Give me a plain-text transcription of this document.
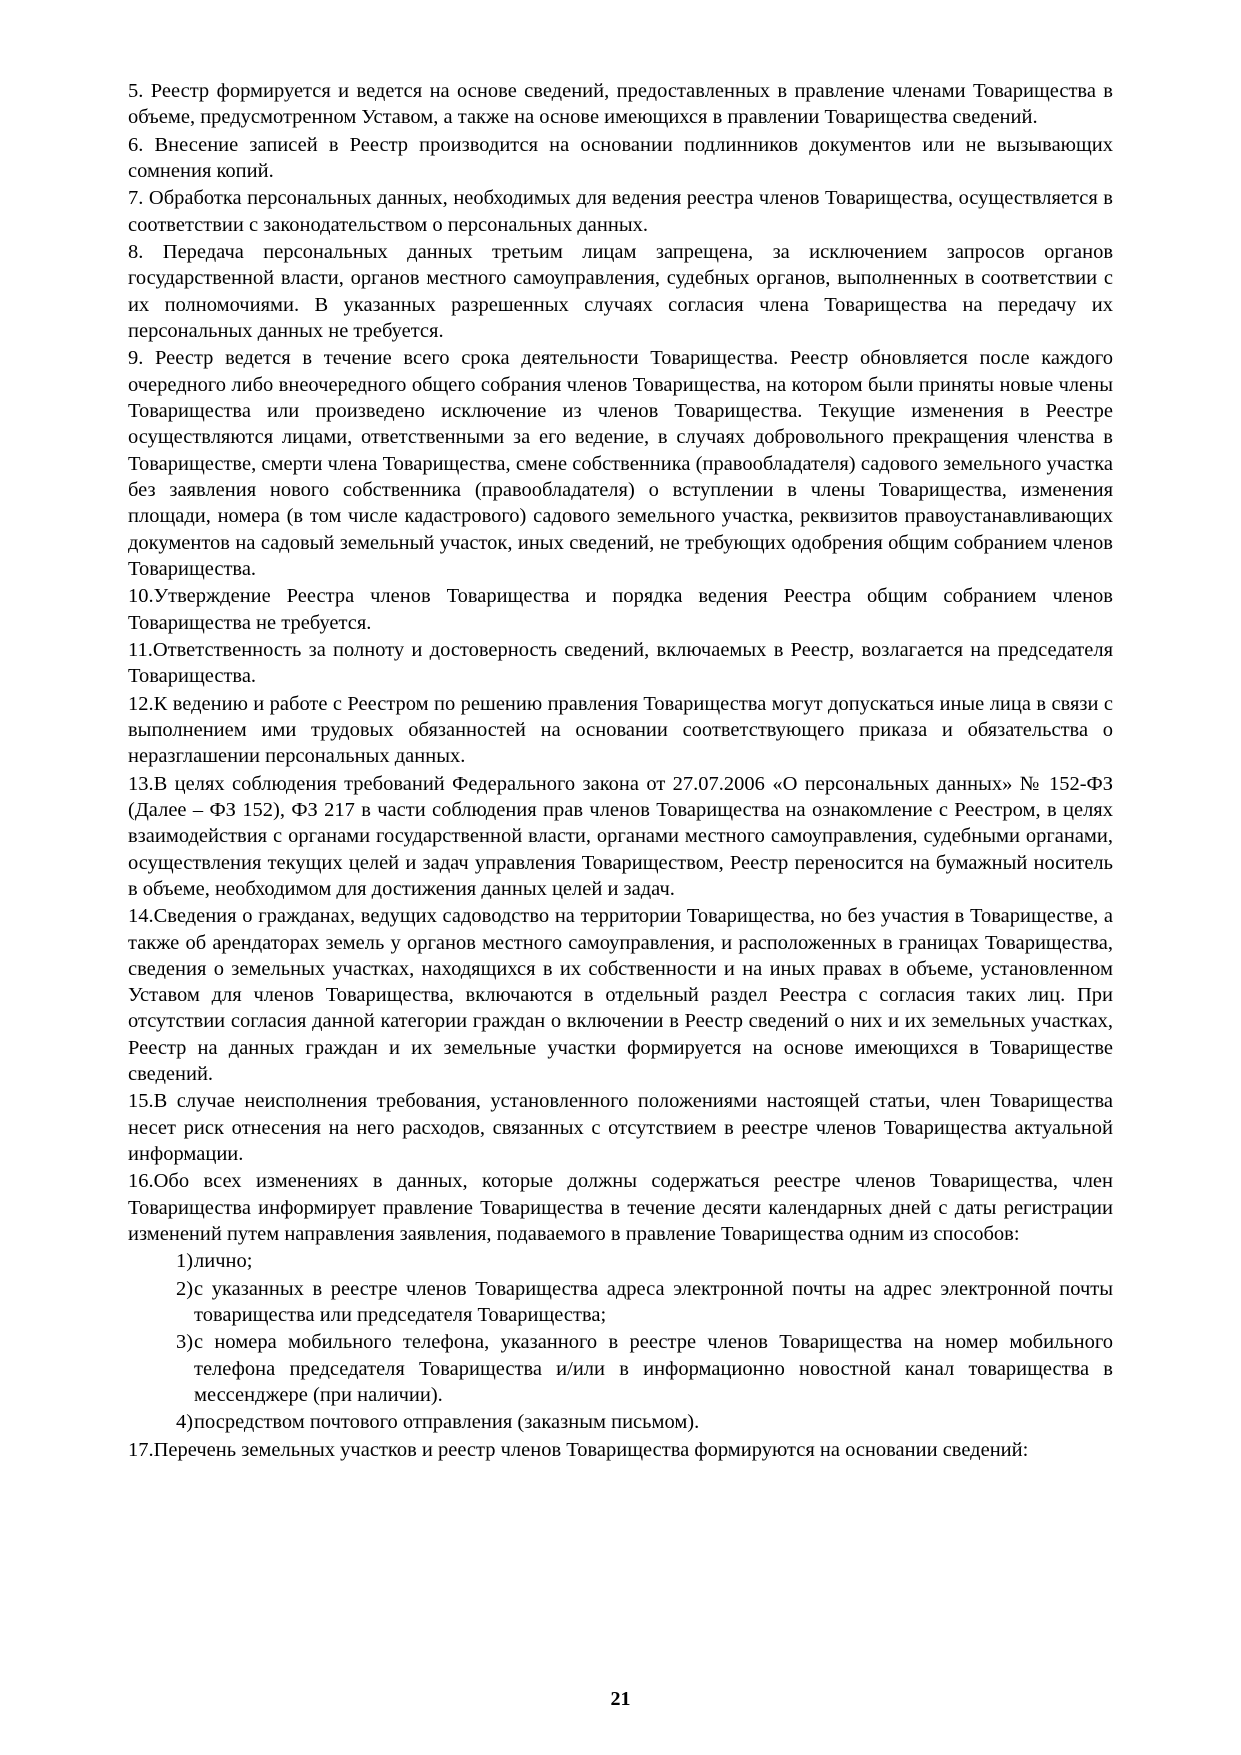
5. Реестр формируется и ведется на основе сведений, предоставленных в правление членами Товарищества в объеме, предусмотренном Уставом, а также на основе имеющихся в правлении Товарищества сведений.

6. Внесение записей в Реестр производится на основании подлинников документов или не вызывающих сомнения копий.

7. Обработка персональных данных, необходимых для ведения реестра членов Товарищества, осуществляется в соответствии с законодательством о персональных данных.

8. Передача персональных данных третьим лицам запрещена, за исключением запросов органов государственной власти, органов местного самоуправления, судебных органов, выполненных в соответствии с их полномочиями. В указанных разрешенных случаях согласия члена Товарищества на передачу их персональных данных не требуется.

9. Реестр ведется в течение всего срока деятельности Товарищества. Реестр обновляется после каждого очередного либо внеочередного общего собрания членов Товарищества, на котором были приняты новые члены Товарищества или произведено исключение из членов Товарищества. Текущие изменения в Реестре осуществляются лицами, ответственными за его ведение, в случаях добровольного прекращения членства в Товариществе, смерти члена Товарищества, смене собственника (правообладателя) садового земельного участка без заявления нового собственника (правообладателя) о вступлении в члены Товарищества, изменения площади, номера (в том числе кадастрового) садового земельного участка, реквизитов правоустанавливающих документов на садовый земельный участок, иных сведений, не требующих одобрения общим собранием членов Товарищества.

10.Утверждение Реестра членов Товарищества и порядка ведения Реестра общим собранием членов Товарищества не требуется.

11.Ответственность за полноту и достоверность сведений, включаемых в Реестр, возлагается на председателя Товарищества.

12.К ведению и работе с Реестром по решению правления Товарищества могут допускаться иные лица в связи с выполнением ими трудовых обязанностей на основании соответствующего приказа и обязательства о неразглашении персональных данных.

13.В целях соблюдения требований Федерального закона от 27.07.2006 «О персональных данных» № 152-ФЗ (Далее – ФЗ 152), ФЗ 217 в части соблюдения прав членов Товарищества на ознакомление с Реестром, в целях взаимодействия с органами государственной власти, органами местного самоуправления, судебными органами, осуществления текущих целей и задач управления Товариществом, Реестр переносится на бумажный носитель в объеме, необходимом для достижения данных целей и задач.

14.Сведения о гражданах, ведущих садоводство на территории Товарищества, но без участия в Товариществе, а также об арендаторах земель у органов местного самоуправления, и расположенных в границах Товарищества, сведения о земельных участках, находящихся в их собственности и на иных правах в объеме, установленном Уставом для членов Товарищества, включаются в отдельный раздел Реестра с согласия таких лиц. При отсутствии согласия данной категории граждан о включении в Реестр сведений о них и их земельных участках, Реестр на данных граждан и их земельные участки формируется на основе имеющихся в Товариществе сведений.

15.В случае неисполнения требования, установленного положениями настоящей статьи, член Товарищества несет риск отнесения на него расходов, связанных с отсутствием в реестре членов Товарищества актуальной информации.

16.Обо всех изменениях в данных, которые должны содержаться реестре членов Товарищества, член Товарищества информирует правление Товарищества в течение десяти календарных дней с даты регистрации изменений путем направления заявления, подаваемого в правление Товарищества одним из способов:

1) лично;
2) с указанных в реестре членов Товарищества адреса электронной почты на адрес электронной почты товарищества или председателя Товарищества;
3) с номера мобильного телефона, указанного в реестре членов Товарищества на номер мобильного телефона председателя Товарищества и/или в информационно новостной канал товарищества в мессенджере (при наличии).
4) посредством почтового отправления (заказным письмом).

17.Перечень земельных участков и реестр членов Товарищества формируются на основании сведений:

21
